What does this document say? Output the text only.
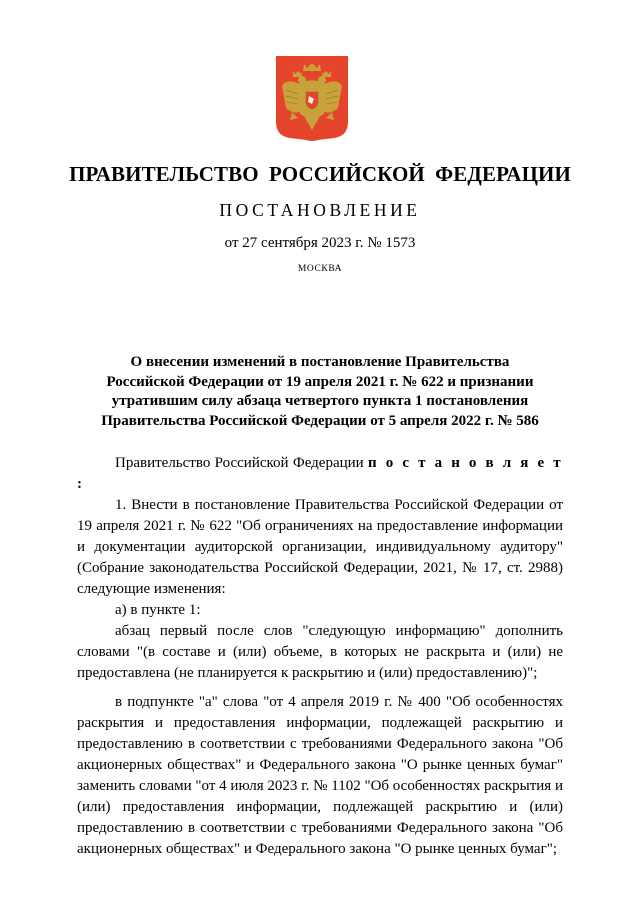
ПРАВИТЕЛЬСТВО РОССИЙСКОЙ ФЕДЕРАЦИИ
ПОСТАНОВЛЕНИЕ
от 27 сентября 2023 г. № 1573
МОСКВА
О внесении изменений в постановление Правительства
Российской Федерации от 19 апреля 2021 г. № 622 и признании
утратившим силу абзаца четвертого пункта 1 постановления
Правительства Российской Федерации от 5 апреля 2022 г. № 586

Правительство Российской Федерации п о с т а н о в л я е т :

1. Внести в постановление Правительства Российской Федерации от 19 апреля 2021 г. № 622 "Об ограничениях на предоставление информации и документации аудиторской организации, индивидуальному аудитору" (Собрание законодательства Российской Федерации, 2021, № 17, ст. 2988) следующие изменения:

а) в пункте 1:

абзац первый после слов "следующую информацию" дополнить словами "(в составе и (или) объеме, в которых не раскрыта и (или) не предоставлена (не планируется к раскрытию и (или) предоставлению)";

в подпункте "а" слова "от 4 апреля 2019 г. № 400 "Об особенностях раскрытия и предоставления информации, подлежащей раскрытию и предоставлению в соответствии с требованиями Федерального закона "Об акционерных обществах" и Федерального закона "О рынке ценных бумаг" заменить словами "от 4 июля 2023 г. № 1102 "Об особенностях раскрытия и (или) предоставления информации, подлежащей раскрытию и (или) предоставлению в соответствии с требованиями Федерального закона "Об акционерных обществах" и Федерального закона "О рынке ценных бумаг";
